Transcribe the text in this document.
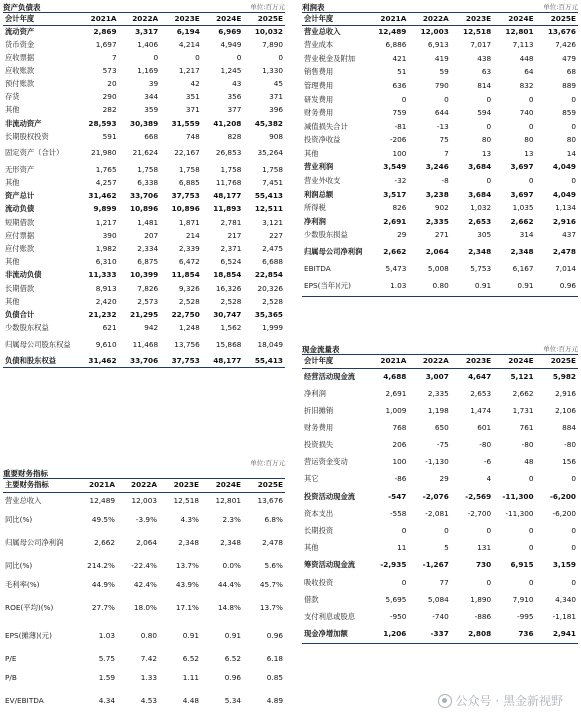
资产负债表	单位:百万元
会计年度	2021A	2022A	2023E	2024E	2025E
流动资产	2,869	3,317	6,194	6,969	10,032
货币资金	1,697	1,406	4,214	4,949	7,890
应收票据	7	0	0	0	0
应收账款	573	1,169	1,217	1,245	1,330
预付账款	20	39	42	43	45
存货	290	344	351	356	371
其他	282	359	371	377	396
非流动资产	28,593	30,389	31,559	41,208	45,382
长期股权投资	591	668	748	828	908
固定资产（合计）	21,980	21,624	22,167	26,853	35,264
无形资产	1,765	1,758	1,758	1,758	1,758
其他	4,257	6,338	6,885	11,768	7,451
资产总计	31,462	33,706	37,753	48,177	55,413
流动负债	9,899	10,896	10,896	11,893	12,511
短期借款	1,217	1,481	1,871	2,781	3,121
应付票据	390	207	214	217	227
应付账款	1,982	2,334	2,339	2,371	2,475
其他	6,310	6,875	6,472	6,524	6,688
非流动负债	11,333	10,399	11,854	18,854	22,854
长期借款	8,913	7,826	9,326	16,326	20,326
其他	2,420	2,573	2,528	2,528	2,528
负债合计	21,232	21,295	22,750	30,747	35,365
少数股东权益	621	942	1,248	1,562	1,999
归属母公司股东权益	9,610	11,468	13,756	15,868	18,049
负债和股东权益	31,462	33,706	37,753	48,177	55,413
重要财务指标
单位:百万元
主要财务指标	2021A	2022A	2023E	2024E	2025E
营业总收入	12,489	12,003	12,518	12,801	13,676
同比(%)	49.5%	-3.9%	4.3%	2.3%	6.8%
归属母公司净利润	2,662	2,064	2,348	2,348	2,478
同比(%)	214.2%	-22.4%	13.7%	0.0%	5.6%
毛利率(%)	44.9%	42.4%	43.9%	44.4%	45.7%
ROE(平均)(%)	27.7%	18.0%	17.1%	14.8%	13.7%
EPS(摊薄)(元)	1.03	0.80	0.91	0.91	0.96
P/E	5.75	7.42	6.52	6.52	6.18
P/B	1.59	1.33	1.11	0.96	0.85
EV/EBITDA	4.34	4.53	4.48	5.34	4.89
利润表	单位:百万元
会计年度	2021A	2022A	2023E	2024E	2025E
营业总收入	12,489	12,003	12,518	12,801	13,676
营业成本	6,886	6,913	7,017	7,113	7,426
营业税金及附加	421	419	438	448	479
销售费用	51	59	63	64	68
管理费用	636	790	814	832	889
研发费用	0	0	0	0	0
财务费用	759	644	594	740	859
减值损失合计	-81	-13	0	0	0
投资净收益	-206	75	80	80	80
其他	100	7	13	13	14
营业利润	3,549	3,246	3,684	3,697	4,049
营业外收支	-32	-8	0	0	0
利润总额	3,517	3,238	3,684	3,697	4,049
所得税	826	902	1,032	1,035	1,134
净利润	2,691	2,335	2,653	2,662	2,916
少数股东损益	29	271	305	314	437
归属母公司净利润	2,662	2,064	2,348	2,348	2,478
EBITDA	5,473	5,008	5,753	6,167	7,014
EPS(当年)(元)	1.03	0.80	0.91	0.91	0.96
现金流量表	单位:百万元
会计年度	2021A	2022A	2023E	2024E	2025E
经营活动现金流	4,688	3,007	4,647	5,121	5,982
净利润	2,691	2,335	2,653	2,662	2,916
折旧摊销	1,009	1,198	1,474	1,731	2,106
财务费用	768	650	601	761	884
投资损失	206	-75	-80	-80	-80
营运资金变动	100	-1,130	-6	48	156
其它	-86	29	4	0	0
投资活动现金流	-547	-2,076	-2,569	-11,300	-6,200
资本支出	-558	-2,081	-2,700	-11,300	-6,200
长期投资	0	0	0	0	0
其他	11	5	131	0	0
筹资活动现金流	-2,935	-1,267	730	6,915	3,159
吸收投资	0	77	0	0	0
借款	5,695	5,084	1,890	7,910	4,340
支付利息或股息	-950	-740	-886	-995	-1,181
现金净增加额	1,206	-337	2,808	736	2,941
公众号 · 黑金新视野
